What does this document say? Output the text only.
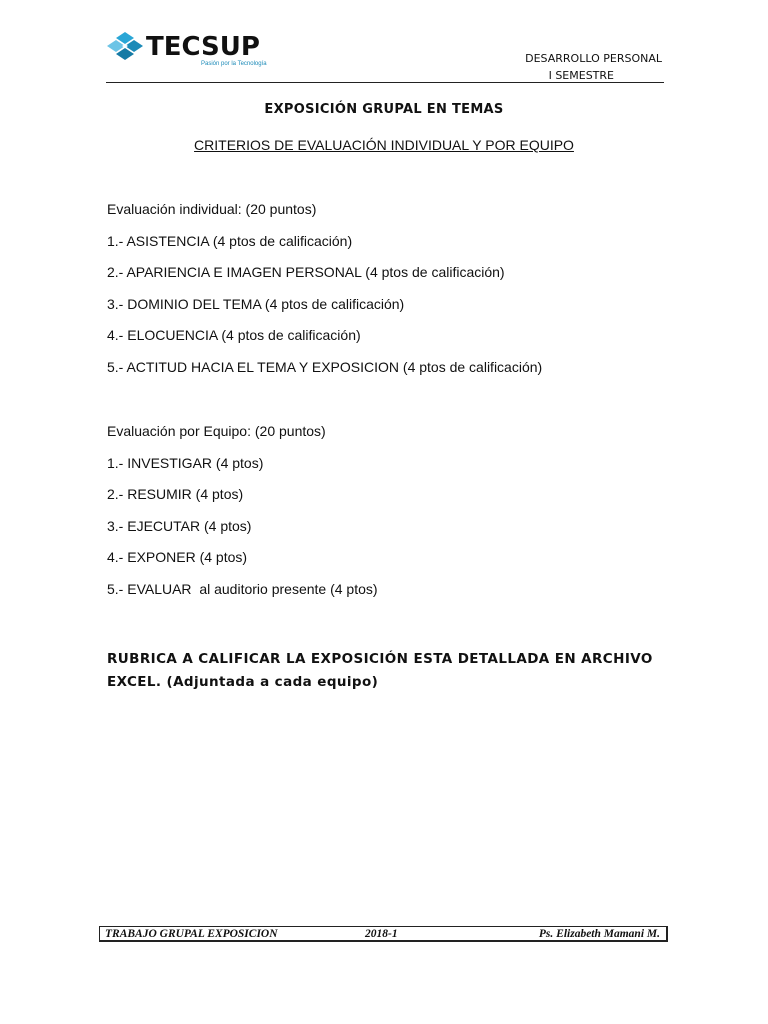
TECSUP
Pasión por la Tecnología	DESARROLLO PERSONAL
I SEMESTRE
EXPOSICIÓN GRUPAL EN TEMAS
CRITERIOS DE EVALUACIÓN INDIVIDUAL Y POR EQUIPO
Evaluación individual: (20 puntos)
1.- ASISTENCIA (4 ptos de calificación)
2.- APARIENCIA E IMAGEN PERSONAL (4 ptos de calificación)
3.- DOMINIO DEL TEMA (4 ptos de calificación)
4.- ELOCUENCIA (4 ptos de calificación)
5.- ACTITUD HACIA EL TEMA Y EXPOSICION (4 ptos de calificación)
Evaluación por Equipo: (20 puntos)
1.- INVESTIGAR (4 ptos)
2.- RESUMIR (4 ptos)
3.- EJECUTAR (4 ptos)
4.- EXPONER (4 ptos)
5.- EVALUAR  al auditorio presente (4 ptos)
RUBRICA A CALIFICAR LA EXPOSICIÓN ESTA DETALLADA EN ARCHIVO
EXCEL. (Adjuntada a cada equipo)
TRABAJO GRUPAL EXPOSICION	2018-1	Ps. Elizabeth Mamani M.
